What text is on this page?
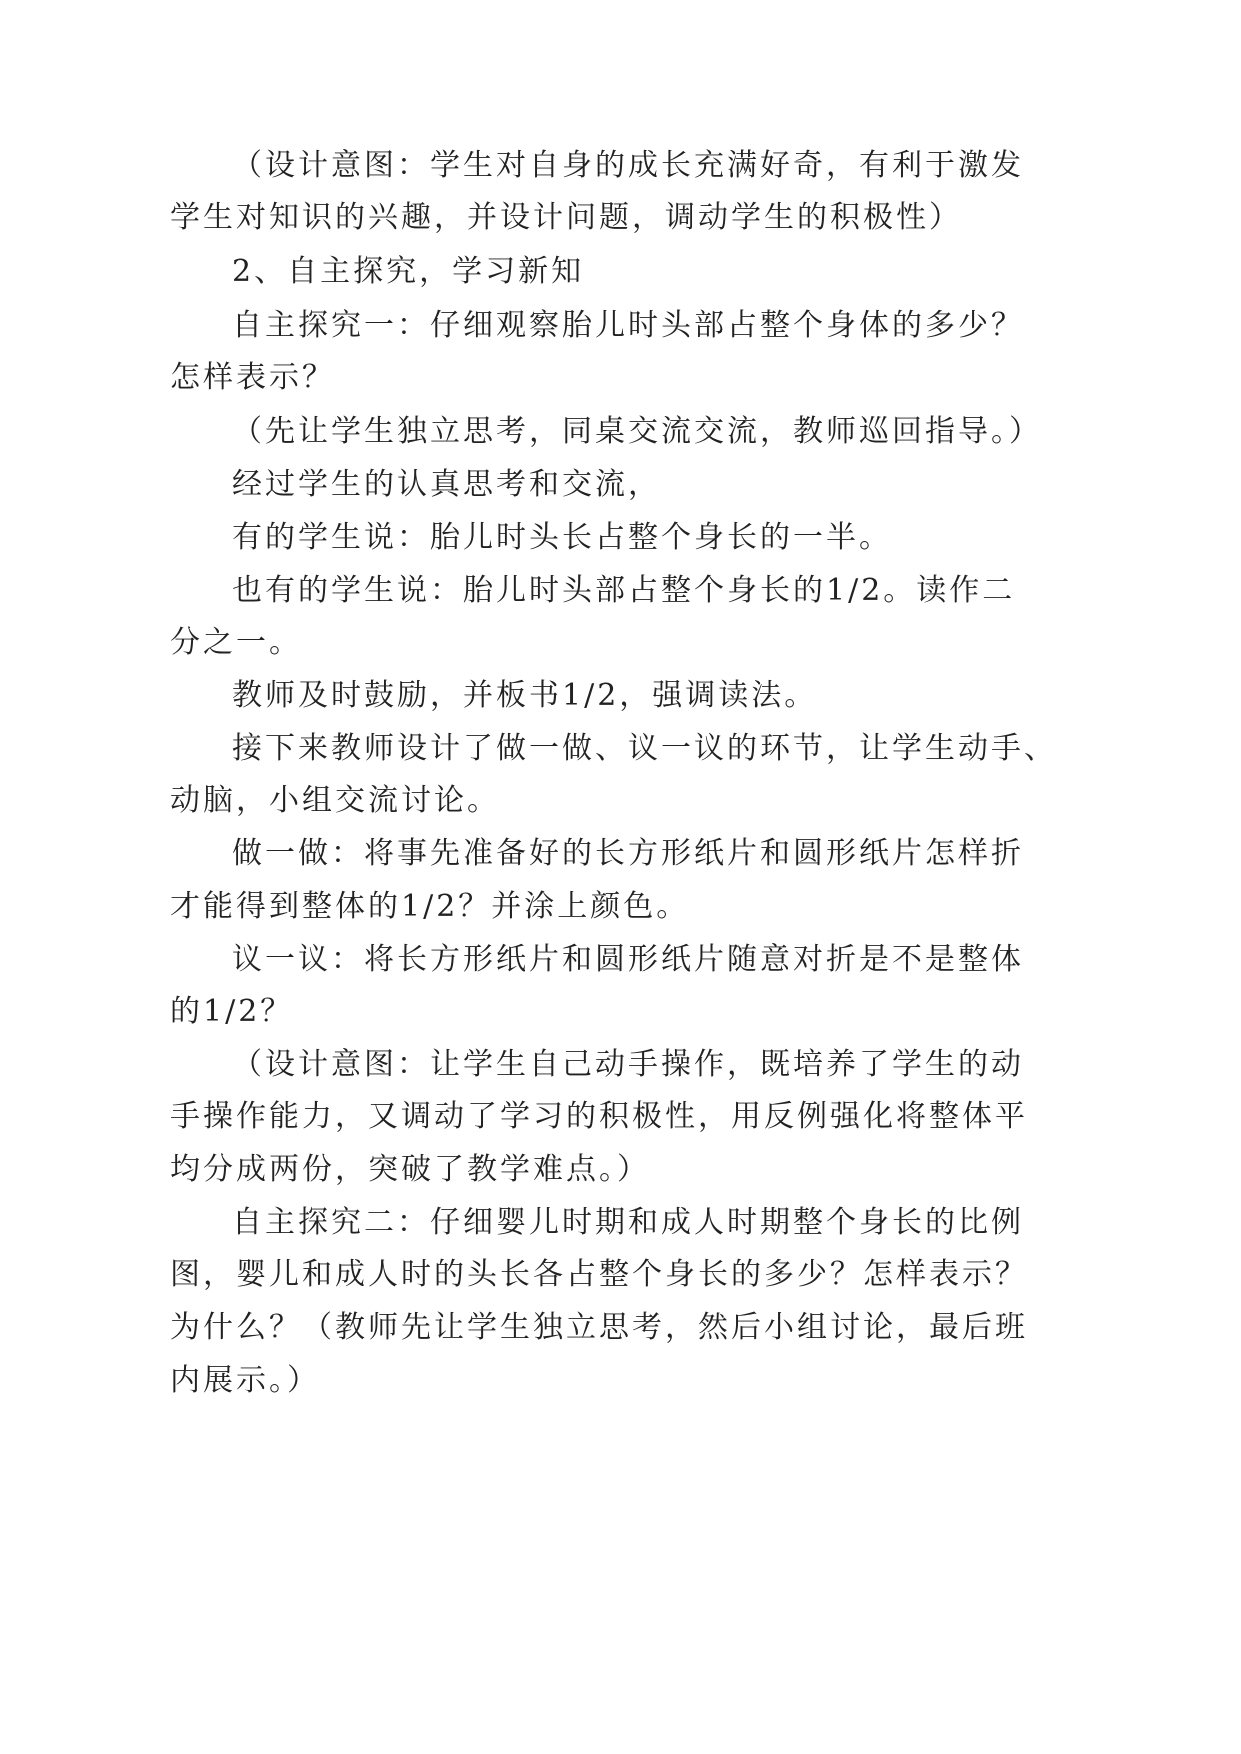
（设计意图：学生对自身的成长充满好奇，有利于激发
学生对知识的兴趣，并设计问题，调动学生的积极性）
2、自主探究，学习新知
自主探究一：仔细观察胎儿时头部占整个身体的多少？
怎样表示？
（先让学生独立思考，同桌交流交流，教师巡回指导。）
经过学生的认真思考和交流，
有的学生说：胎儿时头长占整个身长的一半。
也有的学生说：胎儿时头部占整个身长的1/2。读作二
分之一。
教师及时鼓励，并板书1/2，强调读法。
接下来教师设计了做一做、议一议的环节，让学生动手、
动脑，小组交流讨论。
做一做：将事先准备好的长方形纸片和圆形纸片怎样折
才能得到整体的1/2？并涂上颜色。
议一议：将长方形纸片和圆形纸片随意对折是不是整体
的1/2？
（设计意图：让学生自己动手操作，既培养了学生的动
手操作能力，又调动了学习的积极性，用反例强化将整体平
均分成两份，突破了教学难点。）
自主探究二：仔细婴儿时期和成人时期整个身长的比例
图，婴儿和成人时的头长各占整个身长的多少？怎样表示？
为什么？（教师先让学生独立思考，然后小组讨论，最后班
内展示。）
